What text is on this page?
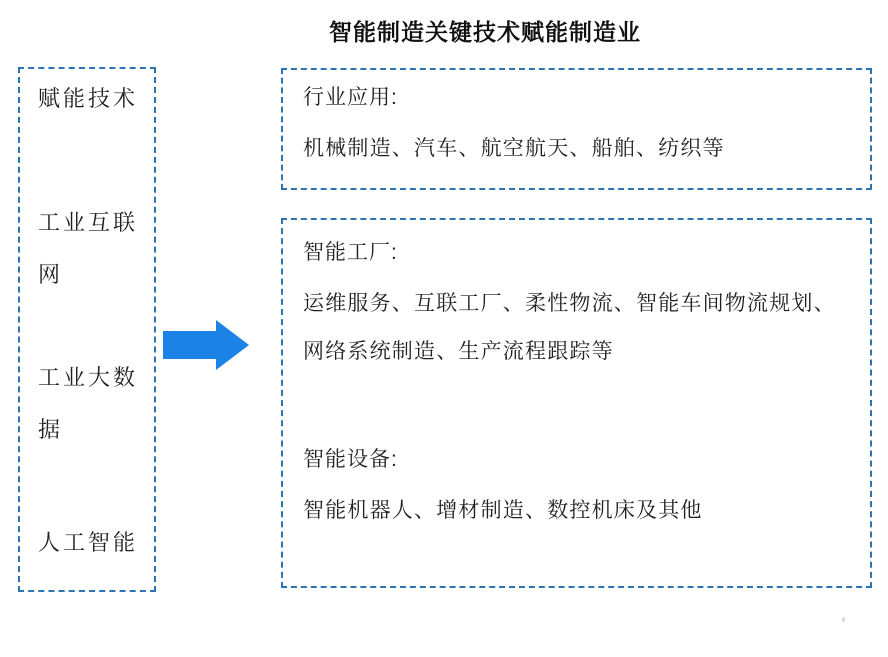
智能制造关键技术赋能制造业
赋能技术
工业互联网
工业大数据
人工智能
行业应用:
机械制造、汽车、航空航天、船舶、纺织等
智能工厂:
运维服务、互联工厂、柔性物流、智能车间物流规划、
网络系统制造、生产流程跟踪等
智能设备:
智能机器人、增材制造、数控机床及其他
